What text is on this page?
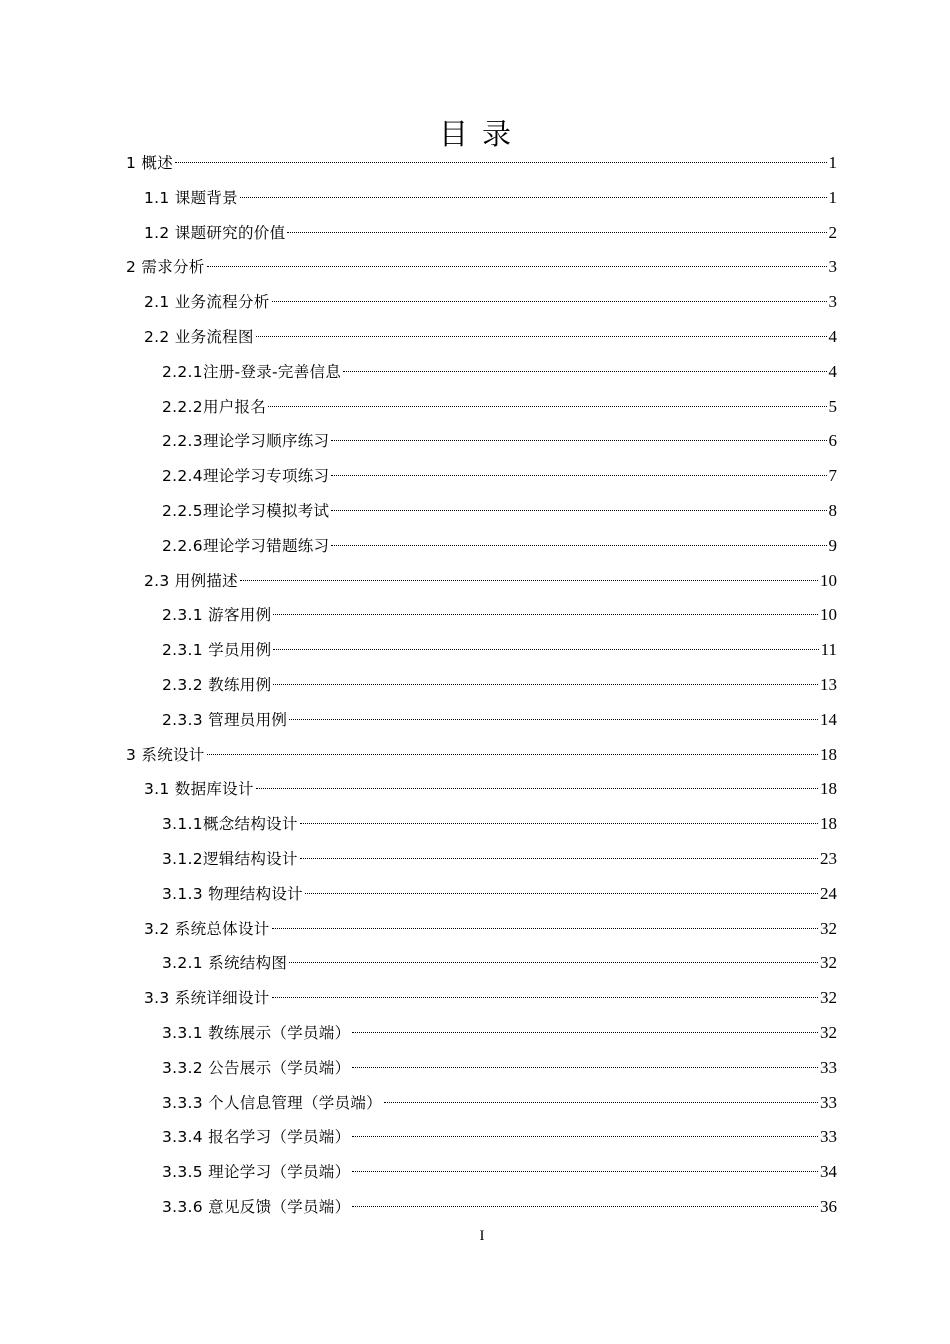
目录
1 概述	1
1.1 课题背景	1
1.2 课题研究的价值	2
2 需求分析	3
2.1 业务流程分析	3
2.2 业务流程图	4
2.2.1注册-登录-完善信息	4
2.2.2用户报名	5
2.2.3理论学习顺序练习	6
2.2.4理论学习专项练习	7
2.2.5理论学习模拟考试	8
2.2.6理论学习错题练习	9
2.3 用例描述	10
2.3.1 游客用例	10
2.3.1 学员用例	11
2.3.2 教练用例	13
2.3.3 管理员用例	14
3 系统设计	18
3.1 数据库设计	18
3.1.1概念结构设计	18
3.1.2逻辑结构设计	23
3.1.3 物理结构设计	24
3.2 系统总体设计	32
3.2.1 系统结构图	32
3.3 系统详细设计	32
3.3.1 教练展示（学员端）	32
3.3.2 公告展示（学员端）	33
3.3.3 个人信息管理（学员端）	33
3.3.4 报名学习（学员端）	33
3.3.5 理论学习（学员端）	34
3.3.6 意见反馈（学员端）	36
I
